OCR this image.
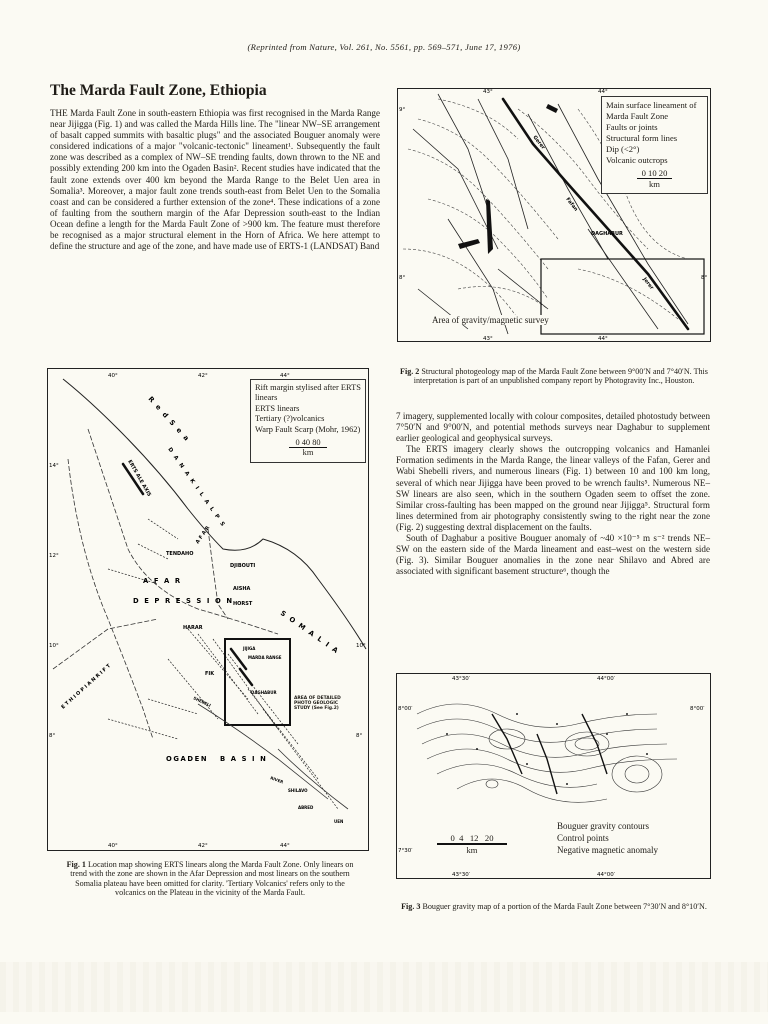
(Reprinted from Nature, Vol. 261, No. 5561, pp. 569–571, June 17, 1976)
The Marda Fault Zone, Ethiopia

THE Marda Fault Zone in south-eastern Ethiopia was first recognised in the Marda Range near Jijigga (Fig. 1) and was called the Marda Hills line. The "linear NW–SE arrangement of basalt capped summits with basaltic plugs" and the associated Bouguer anomaly were considered indications of a major "volcanic-tectonic" lineament¹. Subsequently the fault zone was described as a complex of NW–SE trending faults, down thrown to the NE and possibly extending 200 km into the Ogaden Basin². Recent studies have indicated that the fault zone extends over 400 km beyond the Marda Range to the Belet Uen area in Somalia³. Moreover, a major fault zone trends south-east from Belet Uen to the Somalia coast and can be considered a further extension of the zone⁴. These indications of a zone of faulting from the southern margin of the Afar Depression south-east to the Indian Ocean define a length for the Marda Fault Zone of >900 km. The feature must therefore be recognised as a major structural element in the Horn of Africa. We here attempt to define the structure and age of the zone, and have made use of ERTS-1 (LANDSAT) Band

Gerer
Fafan
Jerer
DAGHABUR
43°	44°
43°	44°
9°
8°	8°
Main surface lineament of Marda Fault Zone
Faults or joints
Structural form lines
Dip (<2°)
Volcanic outcrops
0 10 20
km
Area of gravity/magnetic survey
Fig. 2 Structural photogeology map of the Marda Fault Zone between 9°00′N and 7°40′N. This interpretation is part of an unpublished company report by Photogravity Inc., Houston.

7 imagery, supplemented locally with colour composites, detailed photostudy between 7°50′N and 9°00′N, and potential methods surveys near Daghabur to supplement earlier geological and geophysical surveys.

The ERTS imagery clearly shows the outcropping volcanics and Hamanlei Formation sediments in the Marda Range, the linear valleys of the Fafan, Gerer and Wabi Shebelli rivers, and numerous linears (Fig. 1) between 10 and 100 km long, several of which near Jijigga have been proved to be wrench faults⁵. Numerous NE–SW linears are also seen, which in the southern Ogaden seem to offset the zone. Similar cross-faulting has been mapped on the ground near Jijigga⁵. Structural form lines determined from air photography consistently swing to the right near the zone (Fig. 2) suggesting dextral displacement on the faults.

South of Daghabur a positive Bouguer anomaly of ~40 ×10⁻⁵ m s⁻² trends NE–SW on the eastern side of the Marda lineament and east–west on the western side (Fig. 3). Similar Bouguer anomalies in the zone near Shilavo and Abred are associated with significant basement structure⁶, though the

R e d S e a
D A N A K I L A L P S
ERTS ALE AXIS
DJIBOUTI
TENDAHO
A F A R
D E P R E S S I O N
A F A R
AISHA
HORST
S O M A L I A
E T H I O P I A N R I F T
HARAR
JIJIGA
MARDA RANGE
FIK
DAGHABUR
SHEBELI
OGADEN B A S I N
RIVER
SHILAVO
ABRED
UEN
40°	42°	44°
40°	42°	44°
14°
12°
10°
8°
10°
8°
Rift margin stylised after ERTS linears
ERTS linears
Tertiary (?)volcanics
Warp Fault Scarp (Mohr, 1962)
0 40 80
km
AREA OF DETAILED PHOTO GEOLOGIC STUDY (See Fig.2)
Fig. 1 Location map showing ERTS linears along the Marda Fault Zone. Only linears on trend with the zone are shown in the Afar Depression and most linears on the southern Somalia plateau have been omitted for clarity. 'Tertiary Volcanics' refers only to the volcanics on the Plateau in the vicinity of the Marda Fault.
43°30′	44°00′
43°30′	44°00′
8°00′
7°30′
8°00′
0  4   12   20
km
Bouguer gravity contours
Control points
Negative magnetic anomaly
Fig. 3 Bouguer gravity map of a portion of the Marda Fault Zone between 7°30′N and 8°10′N.
